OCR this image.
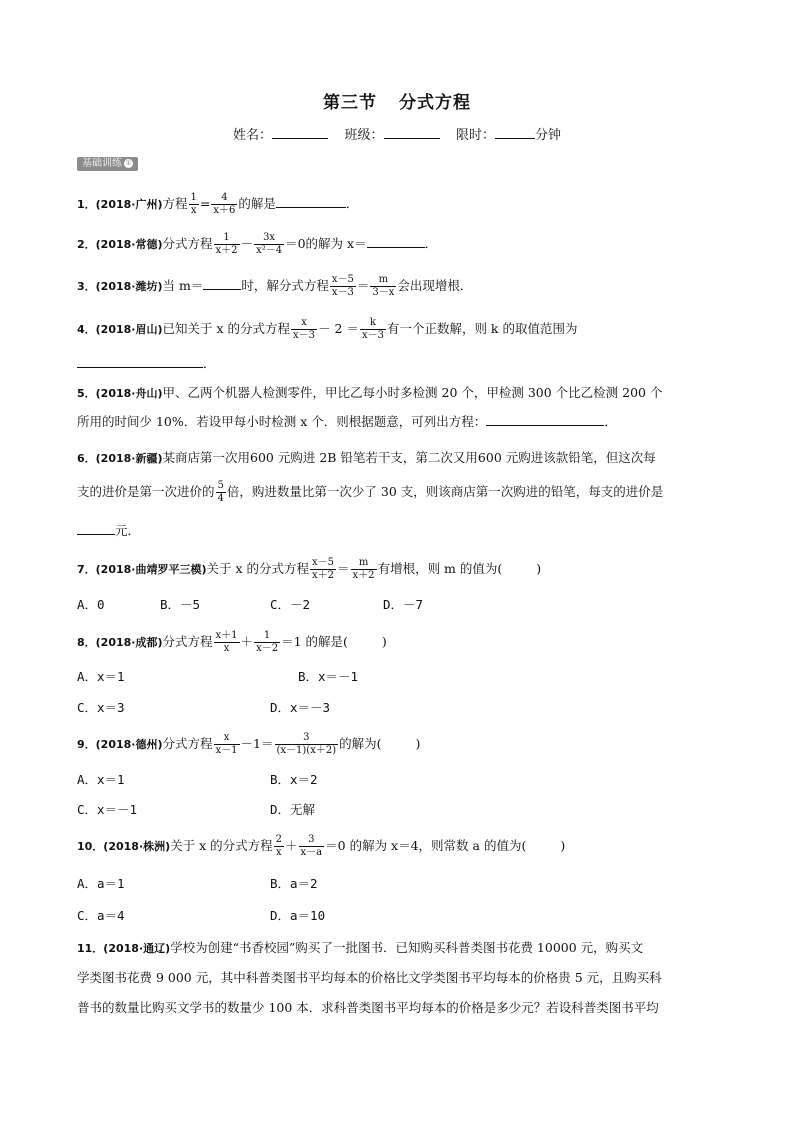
第三节 分式方程
姓名：	班级：	限时：	分钟
基础训练 ①
1．(2018·广州)方程 $\frac{1}{x} = \frac{4}{x+6}$ 的解是	．
2．(2018·常德)分式方程 $\frac{1}{x+2} - \frac{3x}{\text{x²－4}} =0$的解为 x＝	．
3．(2018·潍坊)当 m＝	时，解分式方程 $\frac{x-5}{x-3} = \frac{m}{3-x}$ 会出现增根．
4．(2018·眉山)已知关于 x 的分式方程 $\frac{x}{x-3} - 2 = \frac{k}{x-3}$ 有一个正数解，则 k 的取值范围为
．
5．(2018·舟山)甲、乙两个机器人检测零件，甲比乙每小时多检测 20 个，甲检测 300 个比乙检测 200 个
所用的时间少 10%．若设甲每小时检测 x 个．则根据题意，可列出方程：	．
6．(2018·新疆)某商店第一次用600 元购进 2B 铅笔若干支，第二次又用600 元购进该款铅笔，但这次每
支的进价是第一次进价的 $\frac{5}{4}$ 倍，购进数量比第一次少了 30 支，则该商店第一次购进的铅笔，每支的进价是
元．
7．(2018·曲靖罗平三模)关于 x 的分式方程 $\frac{x-5}{x+2} = \frac{m}{x+2}$ 有增根，则 m 的值为(	)
A．0	B．－5	C．－2	D．－7
8．(2018·成都)分式方程 $\frac{x+1}{x} + \frac{1}{x-2} =1$ 的解是(	)
A．x＝1	B．x＝－1
C．x＝3	D．x＝－3
9．(2018·德州)分式方程 $\frac{x}{x-1} -1= \frac{3}{(x-1)(x+2)}$ 的解为(	)
A．x＝1	B．x＝2
C．x＝－1	D．无解
10．(2018·株洲)关于 x 的分式方程 $\frac{2}{x} + \frac{3}{x-a} =0$ 的解为 x＝4，则常数 a 的值为(	)
A．a＝1	B．a＝2
C．a＝4	D．a＝10
11．(2018·通辽)学校为创建“书香校园”购买了一批图书．已知购买科普类图书花费 10000 元，购买文
学类图书花费 9 000 元，其中科普类图书平均每本的价格比文学类图书平均每本的价格贵 5 元，且购买科
普书的数量比购买文学书的数量少 100 本．求科普类图书平均每本的价格是多少元？若设科普类图书平均
